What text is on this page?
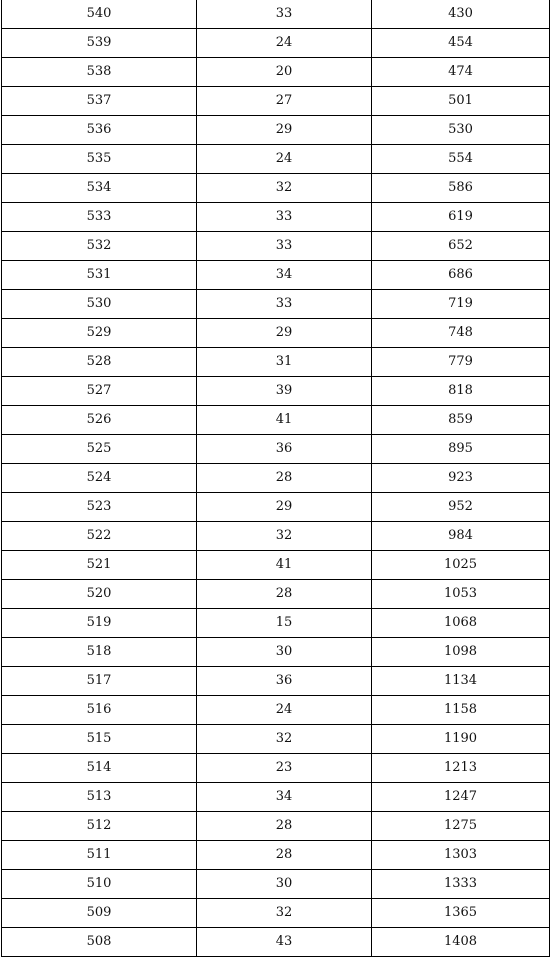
540	33	430
539	24	454
538	20	474
537	27	501
536	29	530
535	24	554
534	32	586
533	33	619
532	33	652
531	34	686
530	33	719
529	29	748
528	31	779
527	39	818
526	41	859
525	36	895
524	28	923
523	29	952
522	32	984
521	41	1025
520	28	1053
519	15	1068
518	30	1098
517	36	1134
516	24	1158
515	32	1190
514	23	1213
513	34	1247
512	28	1275
511	28	1303
510	30	1333
509	32	1365
508	43	1408
